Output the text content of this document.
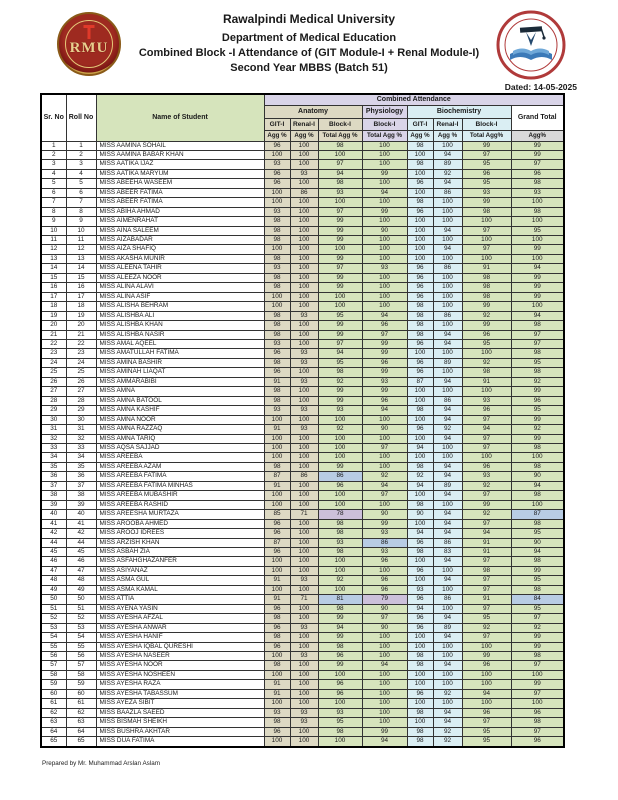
RMU
Rawalpindi Medical University
Department of Medical Education
Combined Block -I Attendance of (GIT Module-I + Renal Module-I)
Second Year MBBS (Batch 51)
Dated: 14-05-2025
Sr. No	Roll No	Name of Student	Combined Attendance							
			Anatomy			Physiology	Biochemistry			Grand Total
			GIT-I	Renal-I	Block-I	Block-I	GIT-I	Renal-I	Block-I	
			Agg %	Agg %	Total Agg %	Total Agg %	Agg %	Agg %	Total Agg%	Agg%
1	1	MISS AAMINA SOHAIL	96	100	98	100	98	100	99	99
2	2	MISS AAMINA BABAR KHAN	100	100	100	100	100	94	97	99
3	3	MISS AATIKA IJAZ	93	100	97	100	98	89	95	97
4	4	MISS AATIKA MARYUM	96	93	94	99	100	92	96	96
5	5	MISS ABEEHA WASEEM	96	100	98	100	96	94	95	98
6	6	MISS ABEER FATIMA	100	86	93	94	100	86	93	93
7	7	MISS ABEER FATIMA	100	100	100	100	98	100	99	100
8	8	MISS ABIHA AHMAD	93	100	97	99	96	100	98	98
9	9	MISS AIMENRAHAT	98	100	99	100	100	100	100	100
10	10	MISS AINA SALEEM	98	100	99	90	100	94	97	95
11	11	MISS AIZABADAR	98	100	99	100	100	100	100	100
12	12	MISS AIZA SHAFIQ	100	100	100	100	100	94	97	99
13	13	MISS AKASHA MUNIR	98	100	99	100	100	100	100	100
14	14	MISS ALEENA TAHIR	93	100	97	93	96	86	91	94
15	15	MISS ALEEZA NOOR	98	100	99	100	96	100	98	99
16	16	MISS ALINA ALAVI	98	100	99	100	96	100	98	99
17	17	MISS ALINA ASIF	100	100	100	100	96	100	98	99
18	18	MISS ALISHA BEHRAM	100	100	100	100	98	100	99	100
19	19	MISS ALISHBA ALI	98	93	95	94	98	86	92	94
20	20	MISS ALISHBA KHAN	98	100	99	96	98	100	99	98
21	21	MISS ALISHBA NASIR	98	100	99	97	98	94	96	97
22	22	MISS AMAL AQEEL	93	100	97	99	96	94	95	97
23	23	MISS AMATULLAH FATIMA	96	93	94	99	100	100	100	98
24	24	MISS AMINA BASHIR	98	93	95	96	96	89	92	95
25	25	MISS AMINAH LIAQAT	96	100	98	99	96	100	98	98
26	26	MISS AMMARABIBI	91	93	92	93	87	94	91	92
27	27	MISS AMNA	98	100	99	99	100	100	100	99
28	28	MISS AMNA BATOOL	98	100	99	96	100	86	93	96
29	29	MISS AMNA KASHIF	93	93	93	94	98	94	96	95
30	30	MISS AMNA NOOR	100	100	100	100	100	94	97	99
31	31	MISS AMNA RAZZAQ	91	93	92	90	96	92	94	92
32	32	MISS AMNA TARIQ	100	100	100	100	100	94	97	99
33	33	MISS AQSA SAJJAD	100	100	100	97	94	100	97	98
34	34	MISS AREEBA	100	100	100	100	100	100	100	100
35	35	MISS AREEBA AZAM	98	100	99	100	98	94	96	98
36	36	MISS AREEBA FATIMA	87	86	86	92	92	94	93	90
37	37	MISS AREEBA FATIMA MINHAS	91	100	96	94	94	89	92	94
38	38	MISS AREEBA MUBASHIR	100	100	100	97	100	94	97	98
39	39	MISS AREEBA RASHID	100	100	100	100	98	100	99	100
40	40	MISS AREESHA MURTAZA	85	71	78	90	90	94	92	87
41	41	MISS AROOBA AHMED	96	100	98	99	100	94	97	98
42	42	MISS AROOJ IDREES	96	100	98	93	94	94	94	95
44	44	MISS ARZISH KHAN	87	100	93	86	96	86	91	90
45	45	MISS ASBAH ZIA	96	100	98	93	98	83	91	94
46	46	MISS ASFAHGHAZANFER	100	100	100	96	100	94	97	98
47	47	MISS ASIYANAZ	100	100	100	100	96	100	98	99
48	48	MISS ASMA GUL	91	93	92	96	100	94	97	95
49	49	MISS ASMA KAMAL	100	100	100	96	93	100	97	98
50	50	MISS ATTIA	91	71	81	79	96	86	91	84
51	51	MISS AYENA YASIN	96	100	98	90	94	100	97	95
52	52	MISS AYESHA AFZAL	98	100	99	97	96	94	95	97
53	53	MISS AYESHA ANWAR	96	93	94	90	96	89	92	92
54	54	MISS AYESHA HANIF	98	100	99	100	100	94	97	99
55	55	MISS AYESHA IQBAL QURESHI	96	100	98	100	100	100	100	99
56	56	MISS AYESHA NASEER	100	93	96	100	98	100	99	98
57	57	MISS AYESHA NOOR	98	100	99	94	98	94	96	97
58	58	MISS AYESHA NOSHEEN	100	100	100	100	100	100	100	100
59	59	MISS AYESHA RAZA	91	100	96	100	100	100	100	99
60	60	MISS AYESHA TABASSUM	91	100	96	100	96	92	94	97
61	61	MISS AYEZA SIBIT	100	100	100	100	100	100	100	100
62	62	MISS BAAZLA SAEED	93	93	93	100	98	94	96	96
63	63	MISS BISMAH SHEIKH	98	93	95	100	100	94	97	98
64	64	MISS BUSHRA AKHTAR	96	100	98	99	98	92	95	97
65	65	MISS DUA FATIMA	100	100	100	94	98	92	95	96
Prepared by Mr. Muhammad Arslan Aslam
